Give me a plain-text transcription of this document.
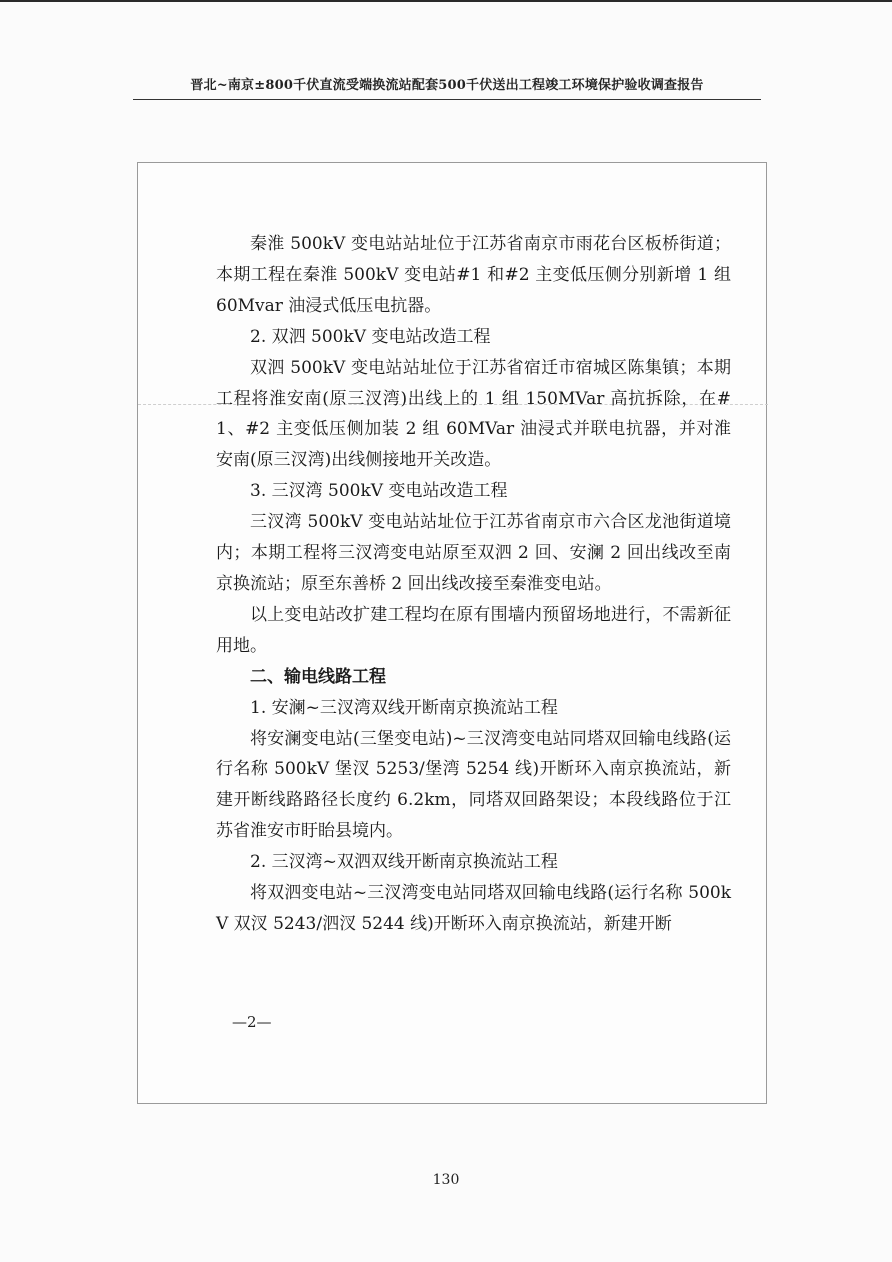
晋北~南京±800千伏直流受端换流站配套500千伏送出工程竣工环境保护验收调查报告

秦淮 500kV 变电站站址位于江苏省南京市雨花台区板桥街道；本期工程在秦淮 500kV 变电站#1 和#2 主变低压侧分别新增 1 组 60Mvar 油浸式低压电抗器。

2. 双泗 500kV 变电站改造工程

双泗 500kV 变电站站址位于江苏省宿迁市宿城区陈集镇；本期工程将淮安南(原三汊湾)出线上的 1 组 150MVar 高抗拆除，在#1、#2 主变低压侧加装 2 组 60MVar 油浸式并联电抗器，并对淮安南(原三汊湾)出线侧接地开关改造。

3. 三汊湾 500kV 变电站改造工程

三汊湾 500kV 变电站站址位于江苏省南京市六合区龙池街道境内；本期工程将三汊湾变电站原至双泗 2 回、安澜 2 回出线改至南京换流站；原至东善桥 2 回出线改接至秦淮变电站。

以上变电站改扩建工程均在原有围墙内预留场地进行，不需新征用地。

二、输电线路工程

1. 安澜~三汊湾双线开断南京换流站工程

将安澜变电站(三堡变电站)~三汊湾变电站同塔双回输电线路(运行名称 500kV 堡汊 5253/堡湾 5254 线)开断环入南京换流站，新建开断线路路径长度约 6.2km，同塔双回路架设；本段线路位于江苏省淮安市盱眙县境内。

2. 三汊湾~双泗双线开断南京换流站工程

将双泗变电站~三汊湾变电站同塔双回输电线路(运行名称 500kV 双汊 5243/泗汊 5244 线)开断环入南京换流站，新建开断

—2—
130
